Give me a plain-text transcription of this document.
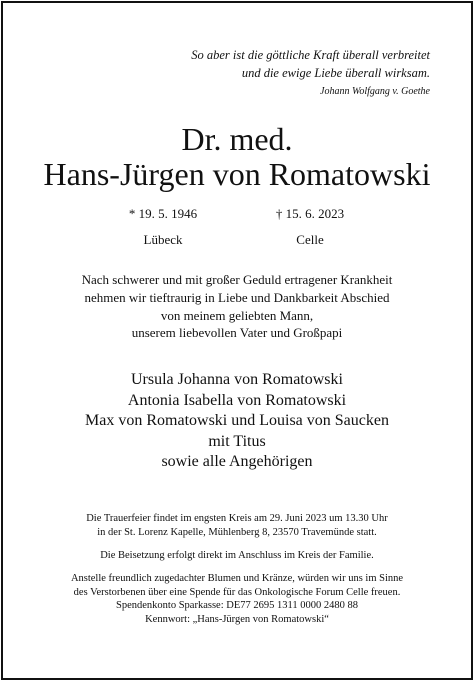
So aber ist die göttliche Kraft überall verbreitet
und die ewige Liebe überall wirksam.
Johann Wolfgang v. Goethe
Dr. med.
Hans-Jürgen von Romatowski
* 19. 5. 1946
Lübeck
† 15. 6. 2023
Celle
Nach schwerer und mit großer Geduld ertragener Krankheit
nehmen wir tieftraurig in Liebe und Dankbarkeit Abschied
von meinem geliebten Mann,
unserem liebevollen Vater und Großpapi
Ursula Johanna von Romatowski
Antonia Isabella von Romatowski
Max von Romatowski und Louisa von Saucken
mit Titus
sowie alle Angehörigen
Die Trauerfeier findet im engsten Kreis am 29. Juni 2023 um 13.30 Uhr
in der St. Lorenz Kapelle, Mühlenberg 8, 23570 Travemünde statt.
Die Beisetzung erfolgt direkt im Anschluss im Kreis der Familie.
Anstelle freundlich zugedachter Blumen und Kränze, würden wir uns im Sinne
des Verstorbenen über eine Spende für das Onkologische Forum Celle freuen.
Spendenkonto Sparkasse: DE77 2695 1311 0000 2480 88
Kennwort: „Hans-Jürgen von Romatowski“
